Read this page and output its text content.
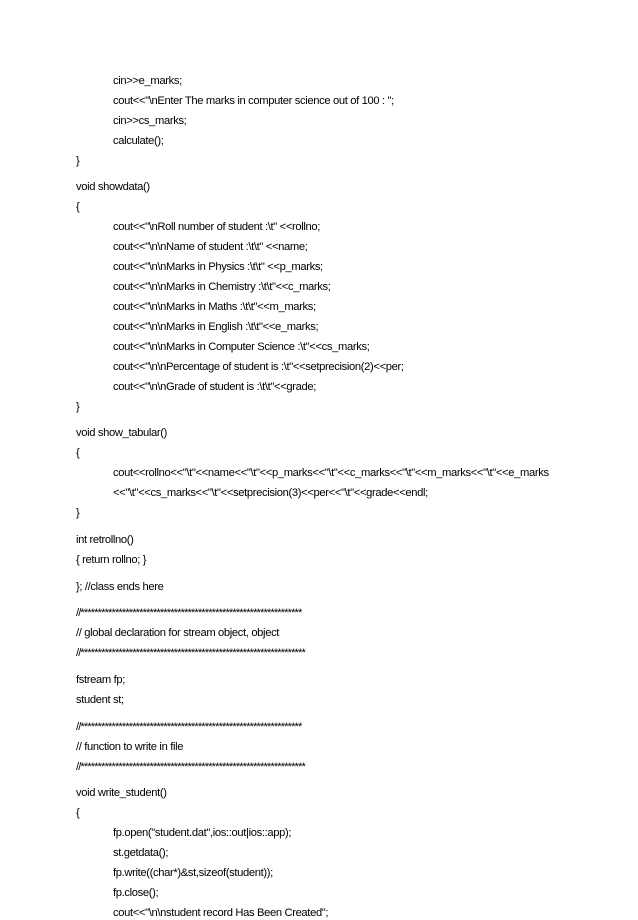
cin>>e_marks;
cout<<"\nEnter The marks in computer science out of 100 : ";
cin>>cs_marks;
calculate();
}
void showdata()
{
cout<<"\nRoll number of student :\t" <<rollno;
cout<<"\n\nName of student :\t\t" <<name;
cout<<"\n\nMarks in Physics :\t\t" <<p_marks;
cout<<"\n\nMarks in Chemistry :\t\t"<<c_marks;
cout<<"\n\nMarks in Maths :\t\t"<<m_marks;
cout<<"\n\nMarks in English :\t\t"<<e_marks;
cout<<"\n\nMarks in Computer Science :\t"<<cs_marks;
cout<<"\n\nPercentage of student is :\t"<<setprecision(2)<<per;
cout<<"\n\nGrade of student is :\t\t"<<grade;
}
void show_tabular()
{
cout<<rollno<<"\t"<<name<<"\t"<<p_marks<<"\t"<<c_marks<<"\t"<<m_marks<<"\t"<<e_marks
<<"\t"<<cs_marks<<"\t"<<setprecision(3)<<per<<"\t"<<grade<<endl;
}
int retrollno()
{ return rollno; }
}; //class ends here
//****************************************************************
// global declaration for stream object, object
//*****************************************************************
fstream fp;
student st;
//****************************************************************
// function to write in file
//*****************************************************************
void write_student()
{
fp.open("student.dat",ios::out|ios::app);
st.getdata();
fp.write((char*)&st,sizeof(student));
fp.close();
cout<<"\n\nstudent record Has Been Created";
